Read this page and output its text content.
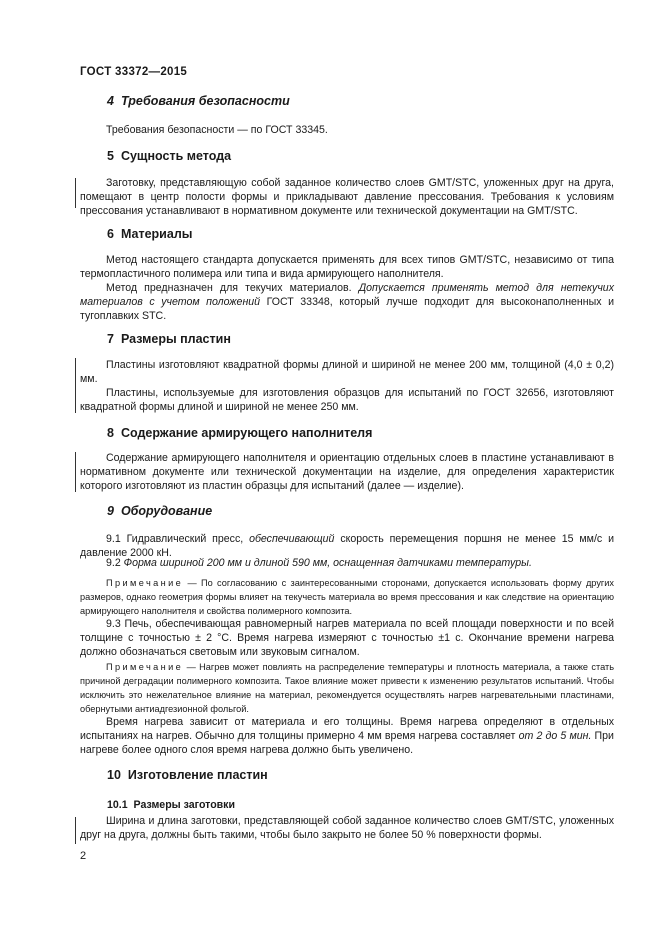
ГОСТ 33372—2015
4 Требования безопасности
Требования безопасности — по ГОСТ 33345.
5 Сущность метода
Заготовку, представляющую собой заданное количество слоев GMT/STC, уложенных друг на друга, помещают в центр полости формы и прикладывают давление прессования. Требования к условиям прессования устанавливают в нормативном документе или технической документации на GMT/STC.
6 Материалы
Метод настоящего стандарта допускается применять для всех типов GMT/STC, независимо от типа термопластичного полимера или типа и вида армирующего наполнителя.
Метод предназначен для текучих материалов. Допускается применять метод для нетекучих материалов с учетом положений ГОСТ 33348, который лучше подходит для высоконаполненных и тугоплавких STC.
7 Размеры пластин
Пластины изготовляют квадратной формы длиной и шириной не менее 200 мм, толщиной (4,0 ± 0,2) мм.
Пластины, используемые для изготовления образцов для испытаний по ГОСТ 32656, изготовляют квадратной формы длиной и шириной не менее 250 мм.
8 Содержание армирующего наполнителя
Содержание армирующего наполнителя и ориентацию отдельных слоев в пластине устанавливают в нормативном документе или технической документации на изделие, для определения характеристик которого изготовляют из пластин образцы для испытаний (далее — изделие).
9 Оборудование
9.1 Гидравлический пресс, обеспечивающий скорость перемещения поршня не менее 15 мм/с и давление 2000 кН.
9.2 Форма шириной 200 мм и длиной 590 мм, оснащенная датчиками температуры.
Примечание — По согласованию с заинтересованными сторонами, допускается использовать форму других размеров, однако геометрия формы влияет на текучесть материала во время прессования и как следствие на ориентацию армирующего наполнителя и свойства полимерного композита.
9.3 Печь, обеспечивающая равномерный нагрев материала по всей площади поверхности и по всей толщине с точностью ± 2 °C. Время нагрева измеряют с точностью ±1 с. Окончание времени нагрева должно обозначаться световым или звуковым сигналом.
Примечание — Нагрев может повлиять на распределение температуры и плотность материала, а также стать причиной деградации полимерного композита. Такое влияние может привести к изменению результатов испытаний. Чтобы исключить это нежелательное влияние на материал, рекомендуется осуществлять нагрев нагревательными пластинами, обернутыми антиадгезионной фольгой.
Время нагрева зависит от материала и его толщины. Время нагрева определяют в отдельных испытаниях на нагрев. Обычно для толщины примерно 4 мм время нагрева составляет от 2 до 5 мин. При нагреве более одного слоя время нагрева должно быть увеличено.
10 Изготовление пластин
10.1 Размеры заготовки
Ширина и длина заготовки, представляющей собой заданное количество слоев GMT/STC, уложенных друг на друга, должны быть такими, чтобы было закрыто не более 50 % поверхности формы.
2
